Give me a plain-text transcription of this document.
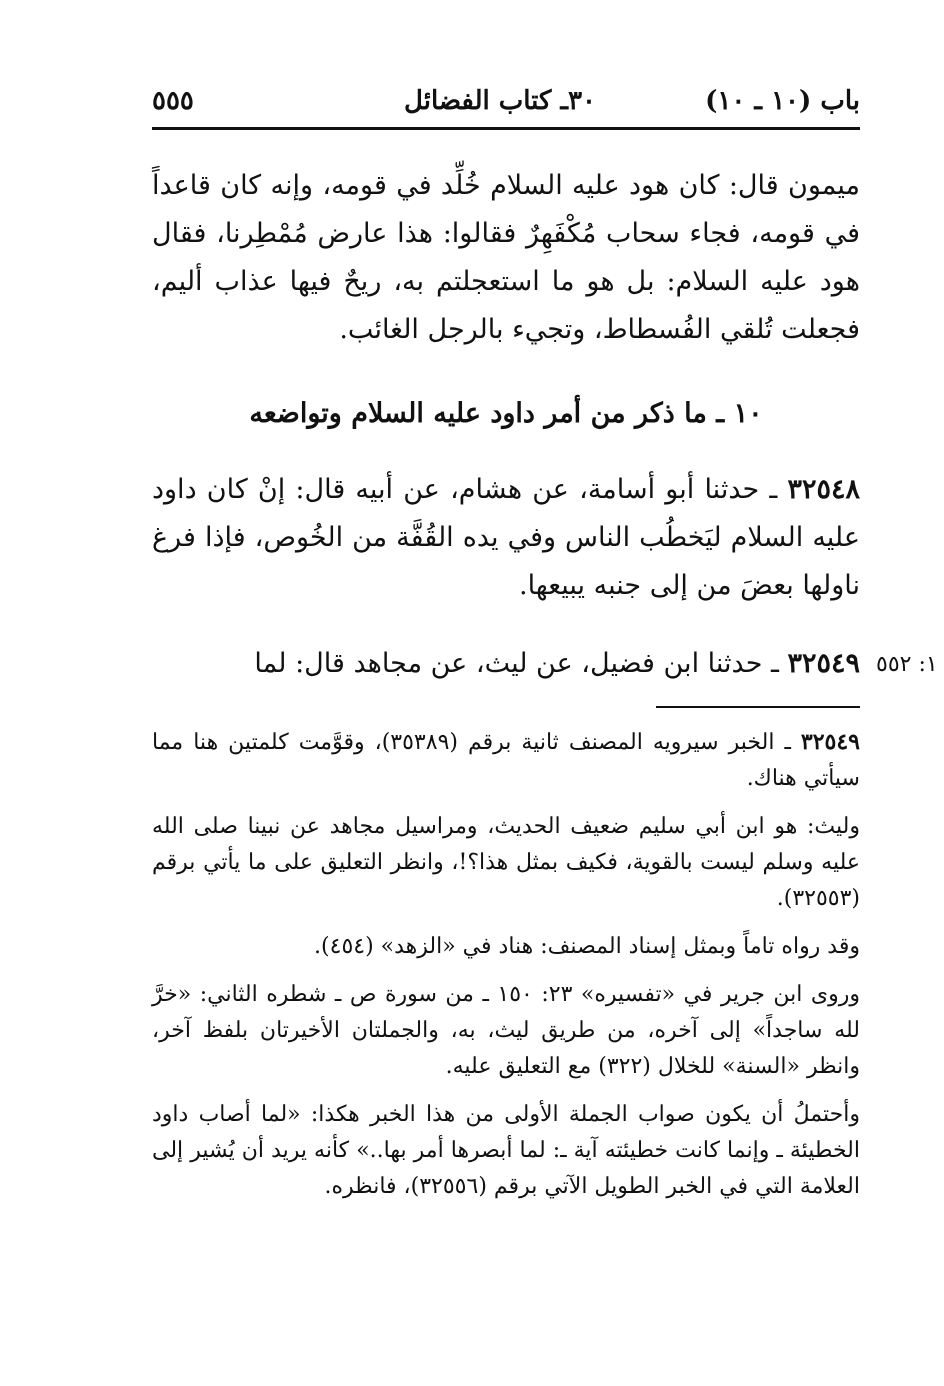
باب (١٠ ـ ١٠)
٣٠ـ كتاب الفضائل
٥٥٥
ميمون قال: كان هود عليه السلام خُلِّد في قومه، وإنه كان قاعداً في قومه، فجاء سحاب مُكْفَهِرٌ فقالوا: هذا عارض مُمْطِرنا، فقال هود عليه السلام: بل هو ما استعجلتم به، ريحٌ فيها عذاب أليم، فجعلت تُلقي الفُسطاط، وتجيء بالرجل الغائب.
١٠ ـ ما ذكر من أمر داود عليه السلام وتواضعه
٣٢٥٤٨ ـ حدثنا أبو أسامة، عن هشام، عن أبيه قال: إنْ كان داود عليه السلام ليَخطُب الناس وفي يده القُفَّة من الخُوص، فإذا فرغ ناولها بعضَ من إلى جنبه يبيعها.
٣٢٥٤٩ ـ حدثنا ابن فضيل، عن ليث، عن مجاهد قال: لما	١: ٥٥٢

٣٢٥٤٩ ـ الخبر سيرويه المصنف ثانية برقم (٣٥٣٨٩)، وقوَّمت كلمتين هنا مما سيأتي هناك.

وليث: هو ابن أبي سليم ضعيف الحديث، ومراسيل مجاهد عن نبينا صلى الله عليه وسلم ليست بالقوية، فكيف بمثل هذا؟!، وانظر التعليق على ما يأتي برقم (٣٢٥٥٣).

وقد رواه تاماً وبمثل إسناد المصنف: هناد في «الزهد» (٤٥٤).

وروى ابن جرير في «تفسيره» ٢٣: ١٥٠ ـ من سورة ص ـ شطره الثاني: «خرَّ لله ساجداً» إلى آخره، من طريق ليث، به، والجملتان الأخيرتان بلفظ آخر، وانظر «السنة» للخلال (٣٢٢) مع التعليق عليه.

وأحتملُ أن يكون صواب الجملة الأولى من هذا الخبر هكذا: «لما أصاب داود الخطيئة ـ وإنما كانت خطيئته آية ـ: لما أبصرها أمر بها..» كأنه يريد أن يُشير إلى العلامة التي في الخبر الطويل الآتي برقم (٣٢٥٥٦)، فانظره.
